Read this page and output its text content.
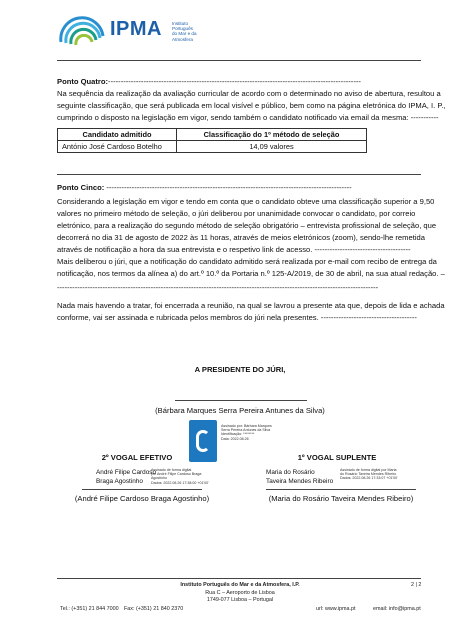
IPMA Instituto
Português
do Mar e da
Atmosfera
Ponto Quatro:----------------------------------------------------------------------------------------------------
Na sequência da realização da avaliação curricular de acordo com o determinado no aviso de abertura, resultou a
seguinte classificação, que será publicada em local visível e público, bem como na página eletrónica do IPMA, I. P.,
cumprindo o disposto na legislação em vigor, sendo também o candidato notificado via email da mesma: -----------
Candidato admitido	Classificação do 1º método de seleção
António José Cardoso Botelho	14,09 valores
Ponto Cinco: -------------------------------------------------------------------------------------------------
Considerando a legislação em vigor e tendo em conta que o candidato obteve uma classificação superior a 9,50
valores no primeiro método de seleção, o júri deliberou por unanimidade convocar o candidato, por correio
eletrónico, para a realização do segundo método de seleção obrigatório – entrevista profissional de seleção, que
decorrerá no dia 31 de agosto de 2022 às 11 horas, através de meios eletrónicos (zoom), sendo-lhe remetida
através de notificação a hora da sua entrevista e o respetivo link de acesso. --------------------------------------
Mais deliberou o júri, que a notificação do candidato admitido será realizada por e-mail com recibo de entrega da
notificação, nos termos da alínea a) do art.º 10.º da Portaria n.º 125-A/2019, de 30 de abril, na sua atual redação. –
-------------------------------------------------------------------------------------------------------------------------------
Nada mais havendo a tratar, foi encerrada a reunião, na qual se lavrou a presente ata que, depois de lida e achada
conforme, vai ser assinada e rubricada pelos membros do júri nela presentes. --------------------------------------
A PRESIDENTE DO JÚRI,
(Bárbara Marques Serra Pereira Antunes da Silva)
Assinado por: Bárbara Marques
Serra Pereira Antunes da Silva
Identificação: ********
Data: 2022.08.26
2º VOGAL EFETIVO
André Filipe Cardoso
Braga Agostinho
Assinado de forma digital
por André Filipe Cardoso Braga
Agostinho
Dados: 2022.08.26 17:38:00 +01'00'
(André Filipe Cardoso Braga Agostinho)
1º VOGAL SUPLENTE
Maria do Rosário
Taveira Mendes Ribeiro
Assinado de forma digital por Maria
do Rosário Taveira Mendes Ribeiro
Dados: 2022.08.26 17:33:07 +01'00'
(Maria do Rosário Taveira Mendes Ribeiro)
Instituto Português do Mar e da Atmosfera, I.P.	2 | 2
Rua C – Aeroporto de Lisboa
1749-077 Lisboa – Portugal
Tel.: (+351) 21 844 7000 Fax: (+351) 21 840 2370	url: www.ipma.pt	email: info@ipma.pt
